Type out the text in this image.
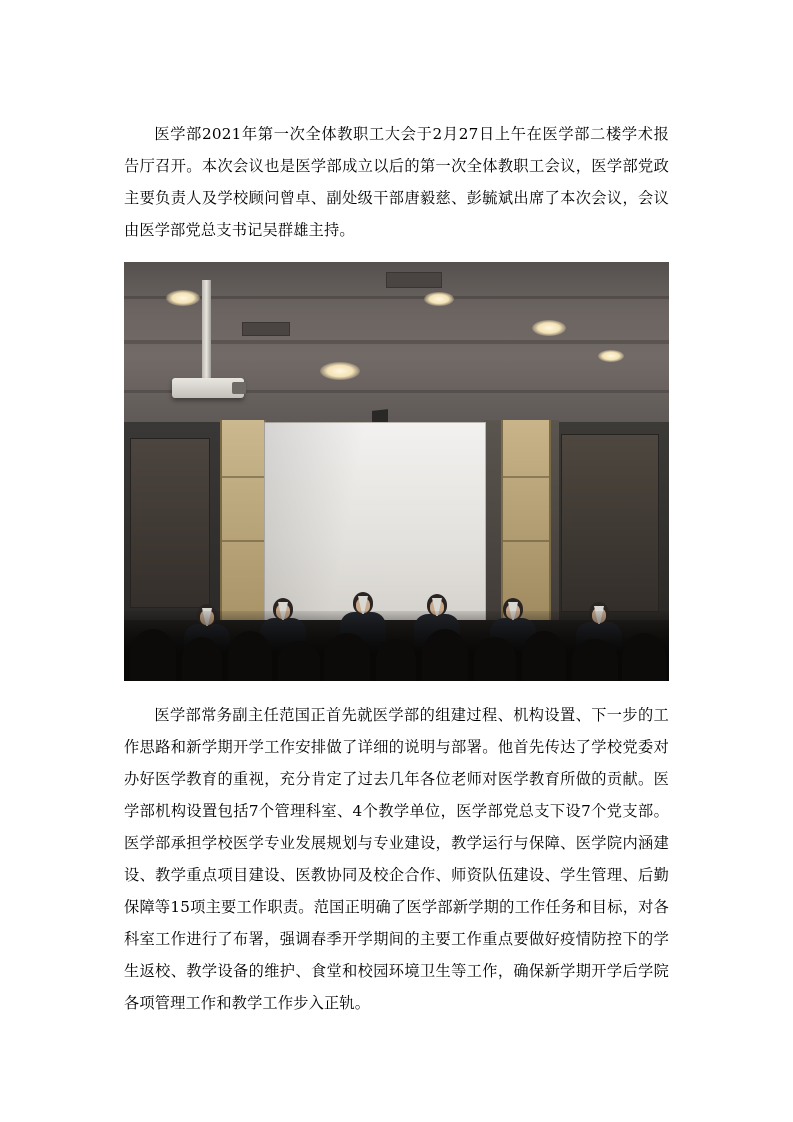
医学部2021年第一次全体教职工大会于2月27日上午在医学部二楼学术报告厅召开。本次会议也是医学部成立以后的第一次全体教职工会议，医学部党政主要负责人及学校顾问曾卓、副处级干部唐毅慈、彭毓斌出席了本次会议，会议由医学部党总支书记吴群雄主持。

医学部常务副主任范国正首先就医学部的组建过程、机构设置、下一步的工作思路和新学期开学工作安排做了详细的说明与部署。他首先传达了学校党委对办好医学教育的重视，充分肯定了过去几年各位老师对医学教育所做的贡献。医学部机构设置包括7个管理科室、4个教学单位，医学部党总支下设7个党支部。医学部承担学校医学专业发展规划与专业建设，教学运行与保障、医学院内涵建设、教学重点项目建设、医教协同及校企合作、师资队伍建设、学生管理、后勤保障等15项主要工作职责。范国正明确了医学部新学期的工作任务和目标，对各科室工作进行了布署，强调春季开学期间的主要工作重点要做好疫情防控下的学生返校、教学设备的维护、食堂和校园环境卫生等工作，确保新学期开学后学院各项管理工作和教学工作步入正轨。
